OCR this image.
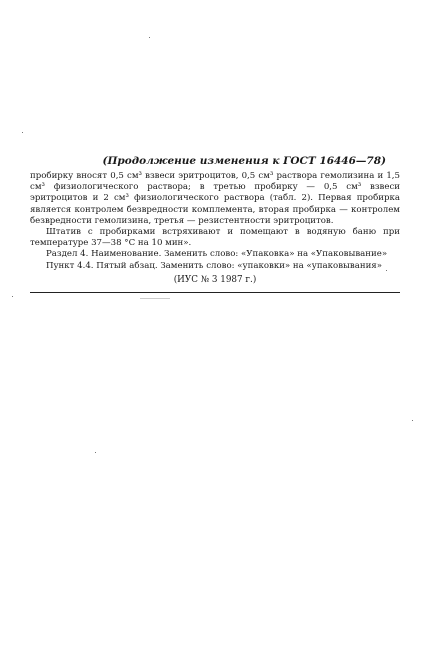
(Продолжение изменения к ГОСТ 16446—78)

пробирку вносят 0,5 см³ взвеси эритроцитов, 0,5 см³ раствора гемолизина и 1,5 см³ физиологического раствора; в третью пробирку — 0,5 см³ взвеси эритроцитов и 2 см³ физиологического раствора (табл. 2). Первая пробирка является контролем безвредности комплемента, вторая пробирка — контролем безвредности гемолизина, третья — резистентности эритроцитов.

Штатив с пробирками встряхивают и помещают в водяную баню при температуре 37—38 °С на 10 мин».

Раздел 4. Наименование. Заменить слово: «Упаковка» на «Упаковывание»

Пункт 4.4. Пятый абзац. Заменить слово: «упаковки» на «упаковывания»

(ИУС № 3 1987 г.)
